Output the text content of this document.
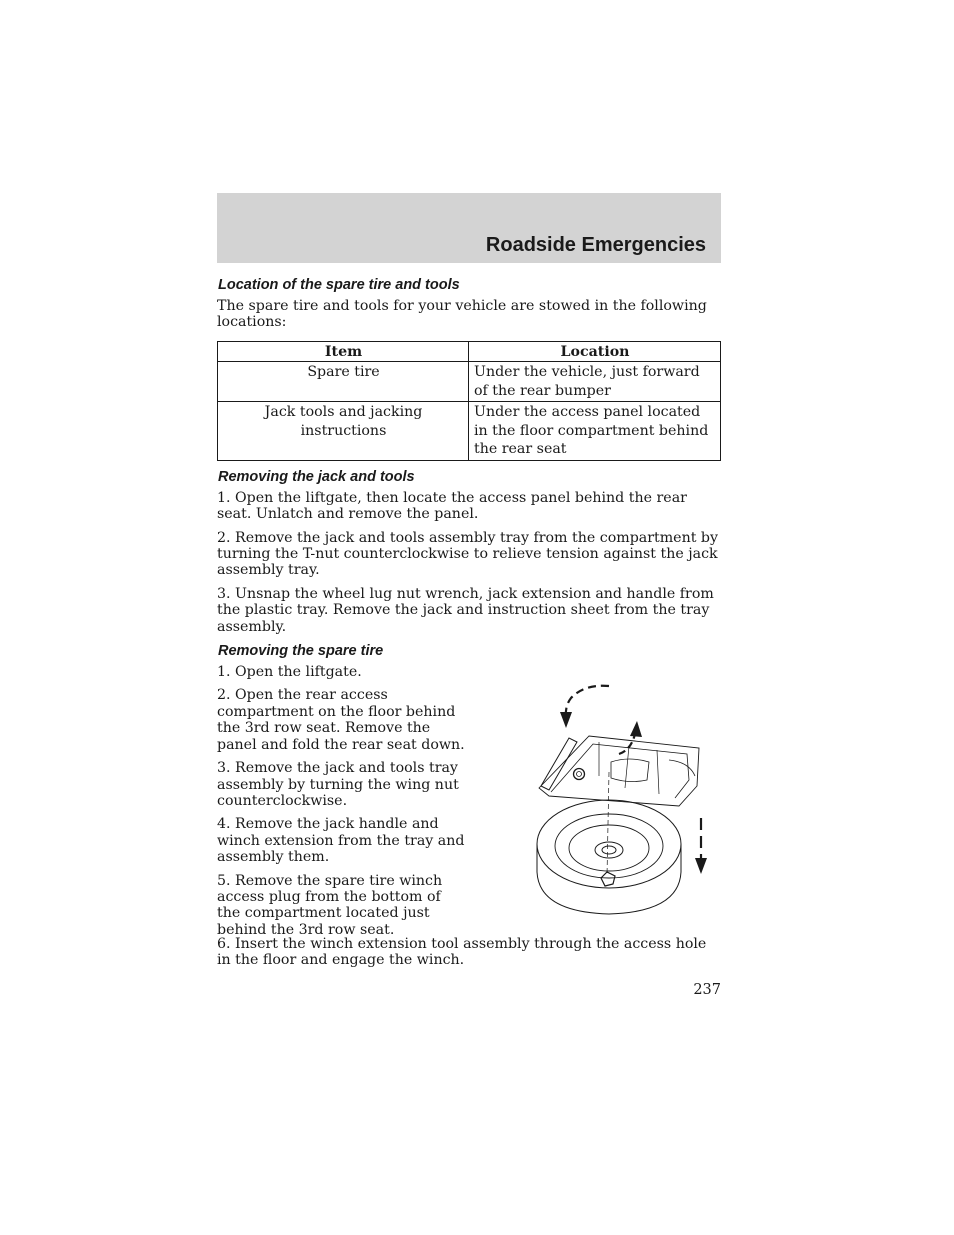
Roadside Emergencies
Location of the spare tire and tools

The spare tire and tools for your vehicle are stowed in the following locations:

Item	Location
Spare tire	Under the vehicle, just forward of the rear bumper
Jack tools and jacking instructions	Under the access panel located in the floor compartment behind the rear seat
Removing the jack and tools

1. Open the liftgate, then locate the access panel behind the rear seat. Unlatch and remove the panel.

2. Remove the jack and tools assembly tray from the compartment by turning the T-nut counterclockwise to relieve tension against the jack assembly tray.

3. Unsnap the wheel lug nut wrench, jack extension and handle from the plastic tray. Remove the jack and instruction sheet from the tray assembly.

Removing the spare tire

1. Open the liftgate.

2. Open the rear access compartment on the floor behind the 3rd row seat. Remove the panel and fold the rear seat down.

3. Remove the jack and tools tray assembly by turning the wing nut counterclockwise.

4. Remove the jack handle and winch extension from the tray and assembly them.

5. Remove the spare tire winch access plug from the bottom of the compartment located just behind the 3rd row seat.

6. Insert the winch extension tool assembly through the access hole in the floor and engage the winch.

237
